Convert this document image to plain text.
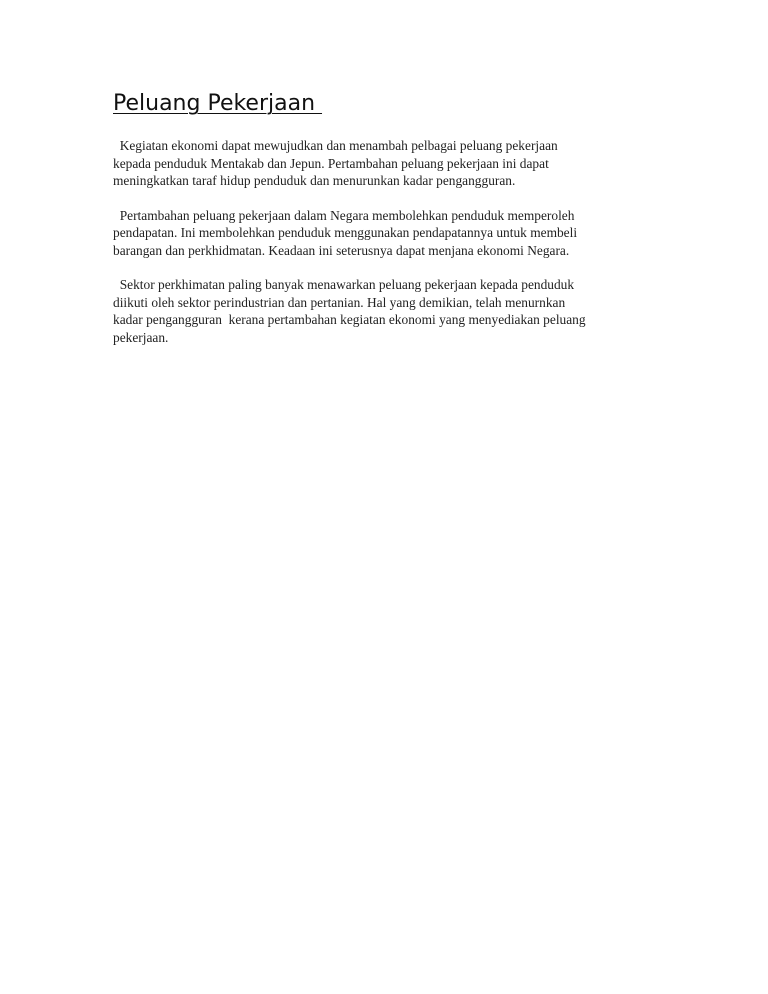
Peluang Pekerjaan

Kegiatan ekonomi dapat mewujudkan dan menambah pelbagai peluang pekerjaan
kepada penduduk Mentakab dan Jepun. Pertambahan peluang pekerjaan ini dapat
meningkatkan taraf hidup penduduk dan menurunkan kadar pengangguran.

Pertambahan peluang pekerjaan dalam Negara membolehkan penduduk memperoleh
pendapatan. Ini membolehkan penduduk menggunakan pendapatannya untuk membeli
barangan dan perkhidmatan. Keadaan ini seterusnya dapat menjana ekonomi Negara.

Sektor perkhimatan paling banyak menawarkan peluang pekerjaan kepada penduduk
diikuti oleh sektor perindustrian dan pertanian. Hal yang demikian, telah menurnkan
kadar pengangguran  kerana pertambahan kegiatan ekonomi yang menyediakan peluang
pekerjaan.
